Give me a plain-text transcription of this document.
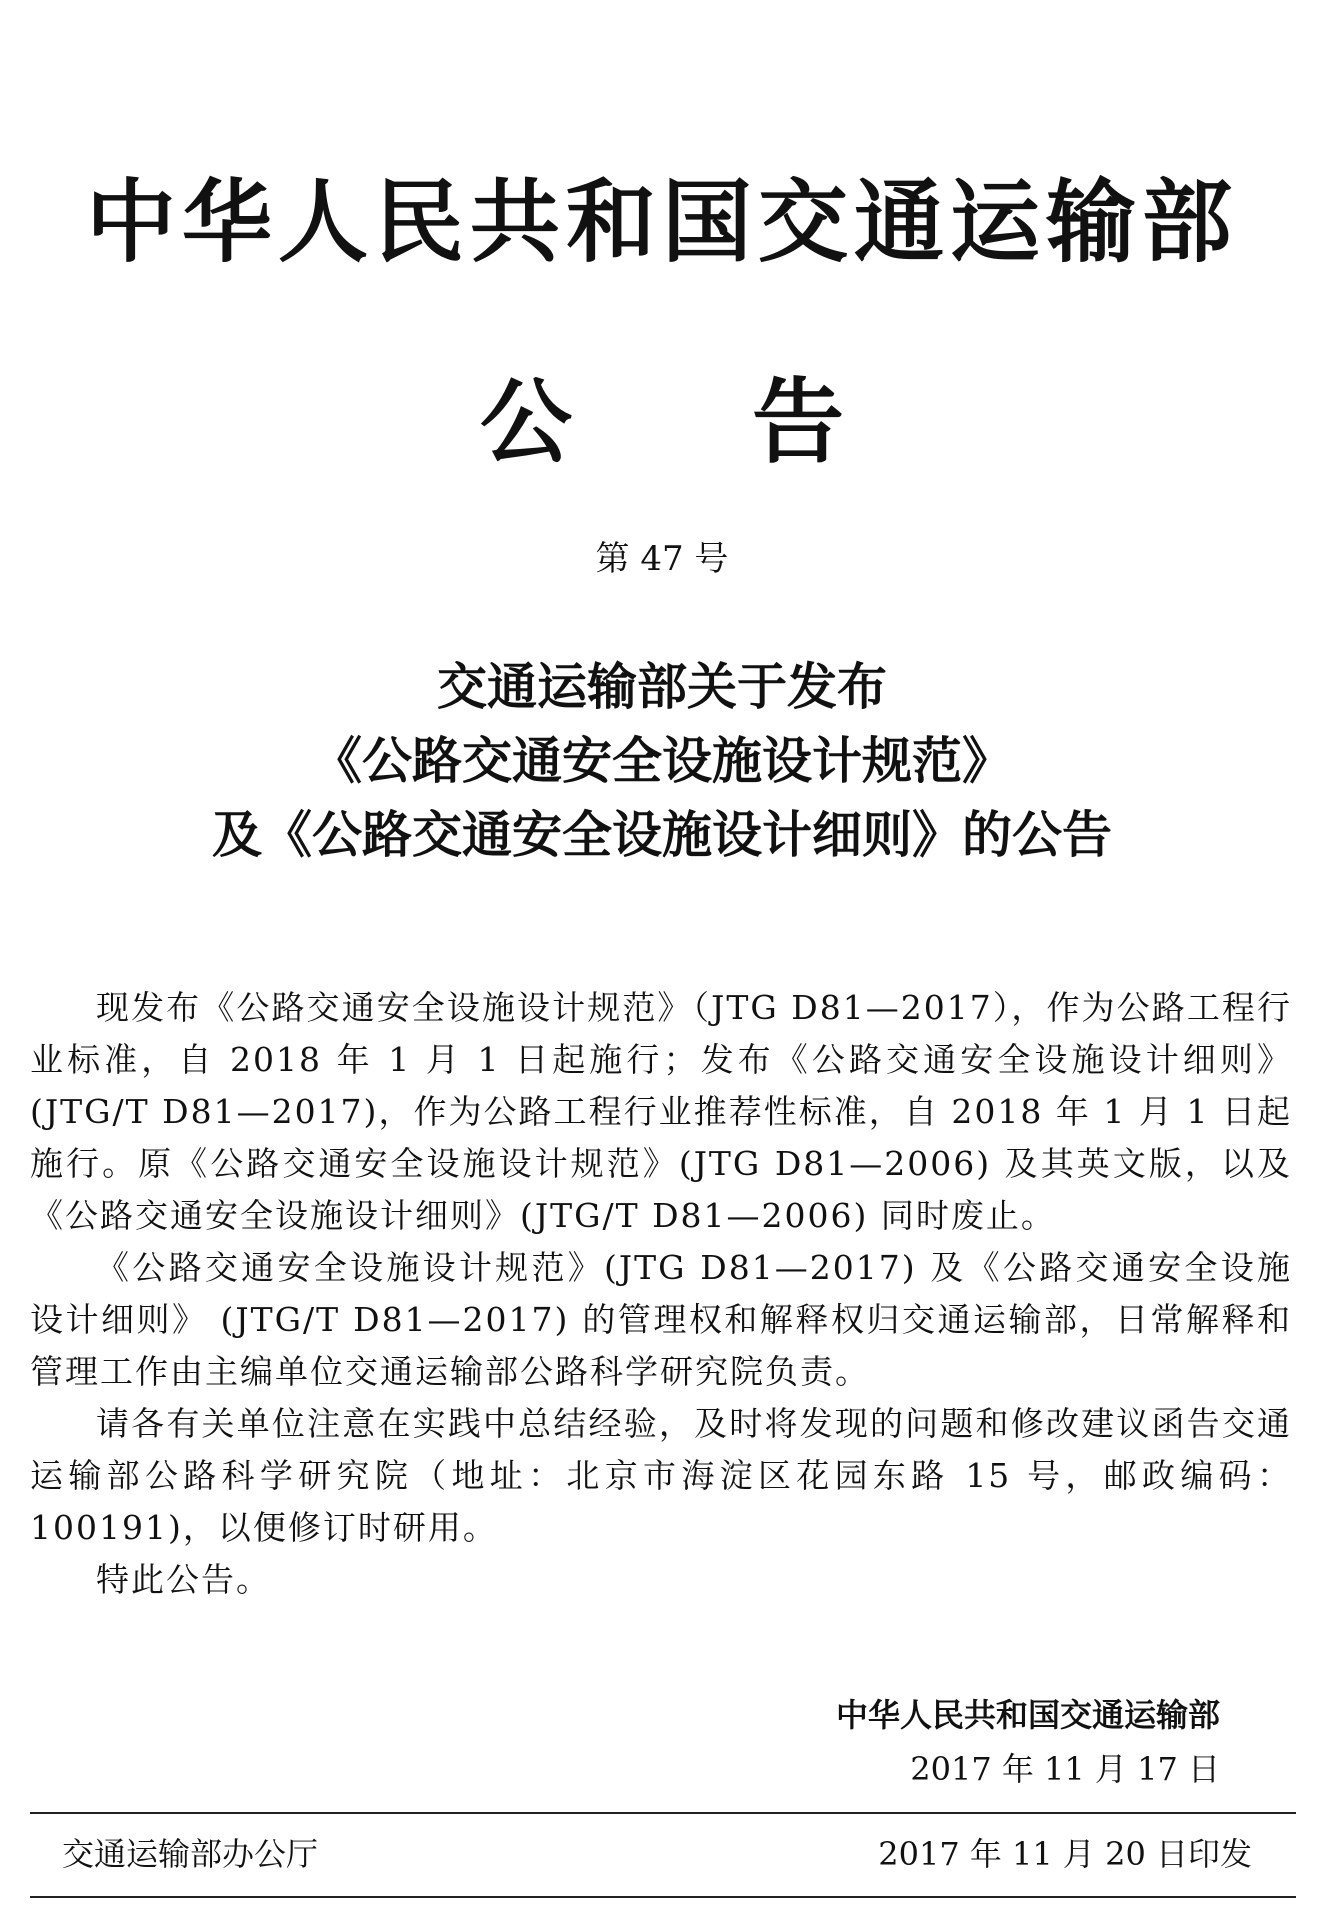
中华人民共和国交通运输部
公 告
第 47 号
交通运输部关于发布
《公路交通安全设施设计规范》
及《公路交通安全设施设计细则》的公告

现发布《公路交通安全设施设计规范》（JTG D81—2017），作为公路工程行业标准，自 2018 年 1 月 1 日起施行；发布《公路交通安全设施设计细则》(JTG/T D81—2017)，作为公路工程行业推荐性标准，自 2018 年 1 月 1 日起施行。原《公路交通安全设施设计规范》(JTG D81—2006) 及其英文版，以及《公路交通安全设施设计细则》(JTG/T D81—2006) 同时废止。

《公路交通安全设施设计规范》(JTG D81—2017) 及《公路交通安全设施设计细则》 (JTG/T D81—2017) 的管理权和解释权归交通运输部，日常解释和管理工作由主编单位交通运输部公路科学研究院负责。

请各有关单位注意在实践中总结经验，及时将发现的问题和修改建议函告交通运输部公路科学研究院（地址：北京市海淀区花园东路 15 号，邮政编码：100191)，以便修订时研用。

特此公告。

中华人民共和国交通运输部
2017 年 11 月 17 日
交通运输部办公厅	2017 年 11 月 20 日印发
